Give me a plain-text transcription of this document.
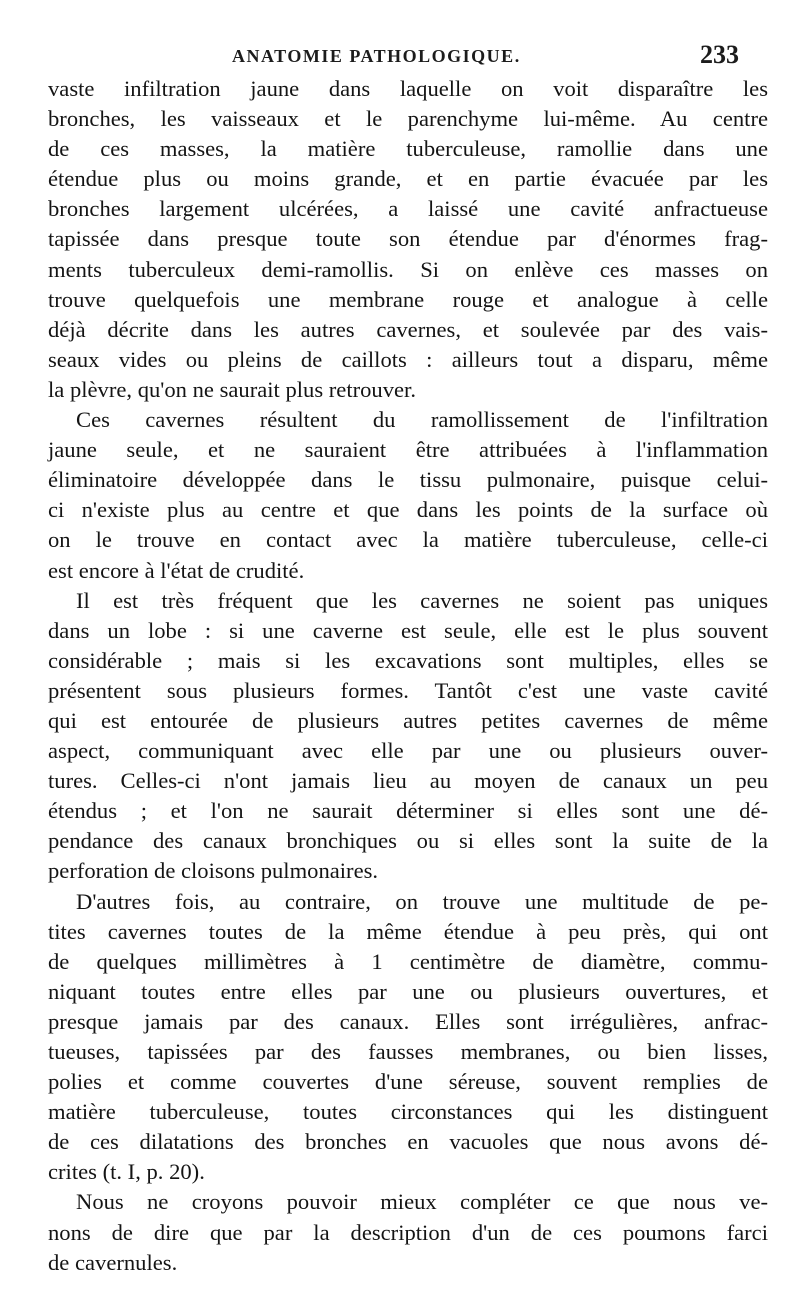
ANATOMIE PATHOLOGIQUE.	233
vaste infiltration jaune dans laquelle on voit disparaître les
bronches, les vaisseaux et le parenchyme lui-même. Au centre
de ces masses, la matière tuberculeuse, ramollie dans une
étendue plus ou moins grande, et en partie évacuée par les
bronches largement ulcérées, a laissé une cavité anfractueuse
tapissée dans presque toute son étendue par d'énormes frag-
ments tuberculeux demi-ramollis. Si on enlève ces masses on
trouve quelquefois une membrane rouge et analogue à celle
déjà décrite dans les autres cavernes, et soulevée par des vais-
seaux vides ou pleins de caillots : ailleurs tout a disparu, même
la plèvre, qu'on ne saurait plus retrouver.
Ces cavernes résultent du ramollissement de l'infiltration
jaune seule, et ne sauraient être attribuées à l'inflammation
éliminatoire développée dans le tissu pulmonaire, puisque celui-
ci n'existe plus au centre et que dans les points de la surface où
on le trouve en contact avec la matière tuberculeuse, celle-ci
est encore à l'état de crudité.
Il est très fréquent que les cavernes ne soient pas uniques
dans un lobe : si une caverne est seule, elle est le plus souvent
considérable ; mais si les excavations sont multiples, elles se
présentent sous plusieurs formes. Tantôt c'est une vaste cavité
qui est entourée de plusieurs autres petites cavernes de même
aspect, communiquant avec elle par une ou plusieurs ouver-
tures. Celles-ci n'ont jamais lieu au moyen de canaux un peu
étendus ; et l'on ne saurait déterminer si elles sont une dé-
pendance des canaux bronchiques ou si elles sont la suite de la
perforation de cloisons pulmonaires.
D'autres fois, au contraire, on trouve une multitude de pe-
tites cavernes toutes de la même étendue à peu près, qui ont
de quelques millimètres à 1 centimètre de diamètre, commu-
niquant toutes entre elles par une ou plusieurs ouvertures, et
presque jamais par des canaux. Elles sont irrégulières, anfrac-
tueuses, tapissées par des fausses membranes, ou bien lisses,
polies et comme couvertes d'une séreuse, souvent remplies de
matière tuberculeuse, toutes circonstances qui les distinguent
de ces dilatations des bronches en vacuoles que nous avons dé-
crites (t. I, p. 20).
Nous ne croyons pouvoir mieux compléter ce que nous ve-
nons de dire que par la description d'un de ces poumons farci
de cavernules.
